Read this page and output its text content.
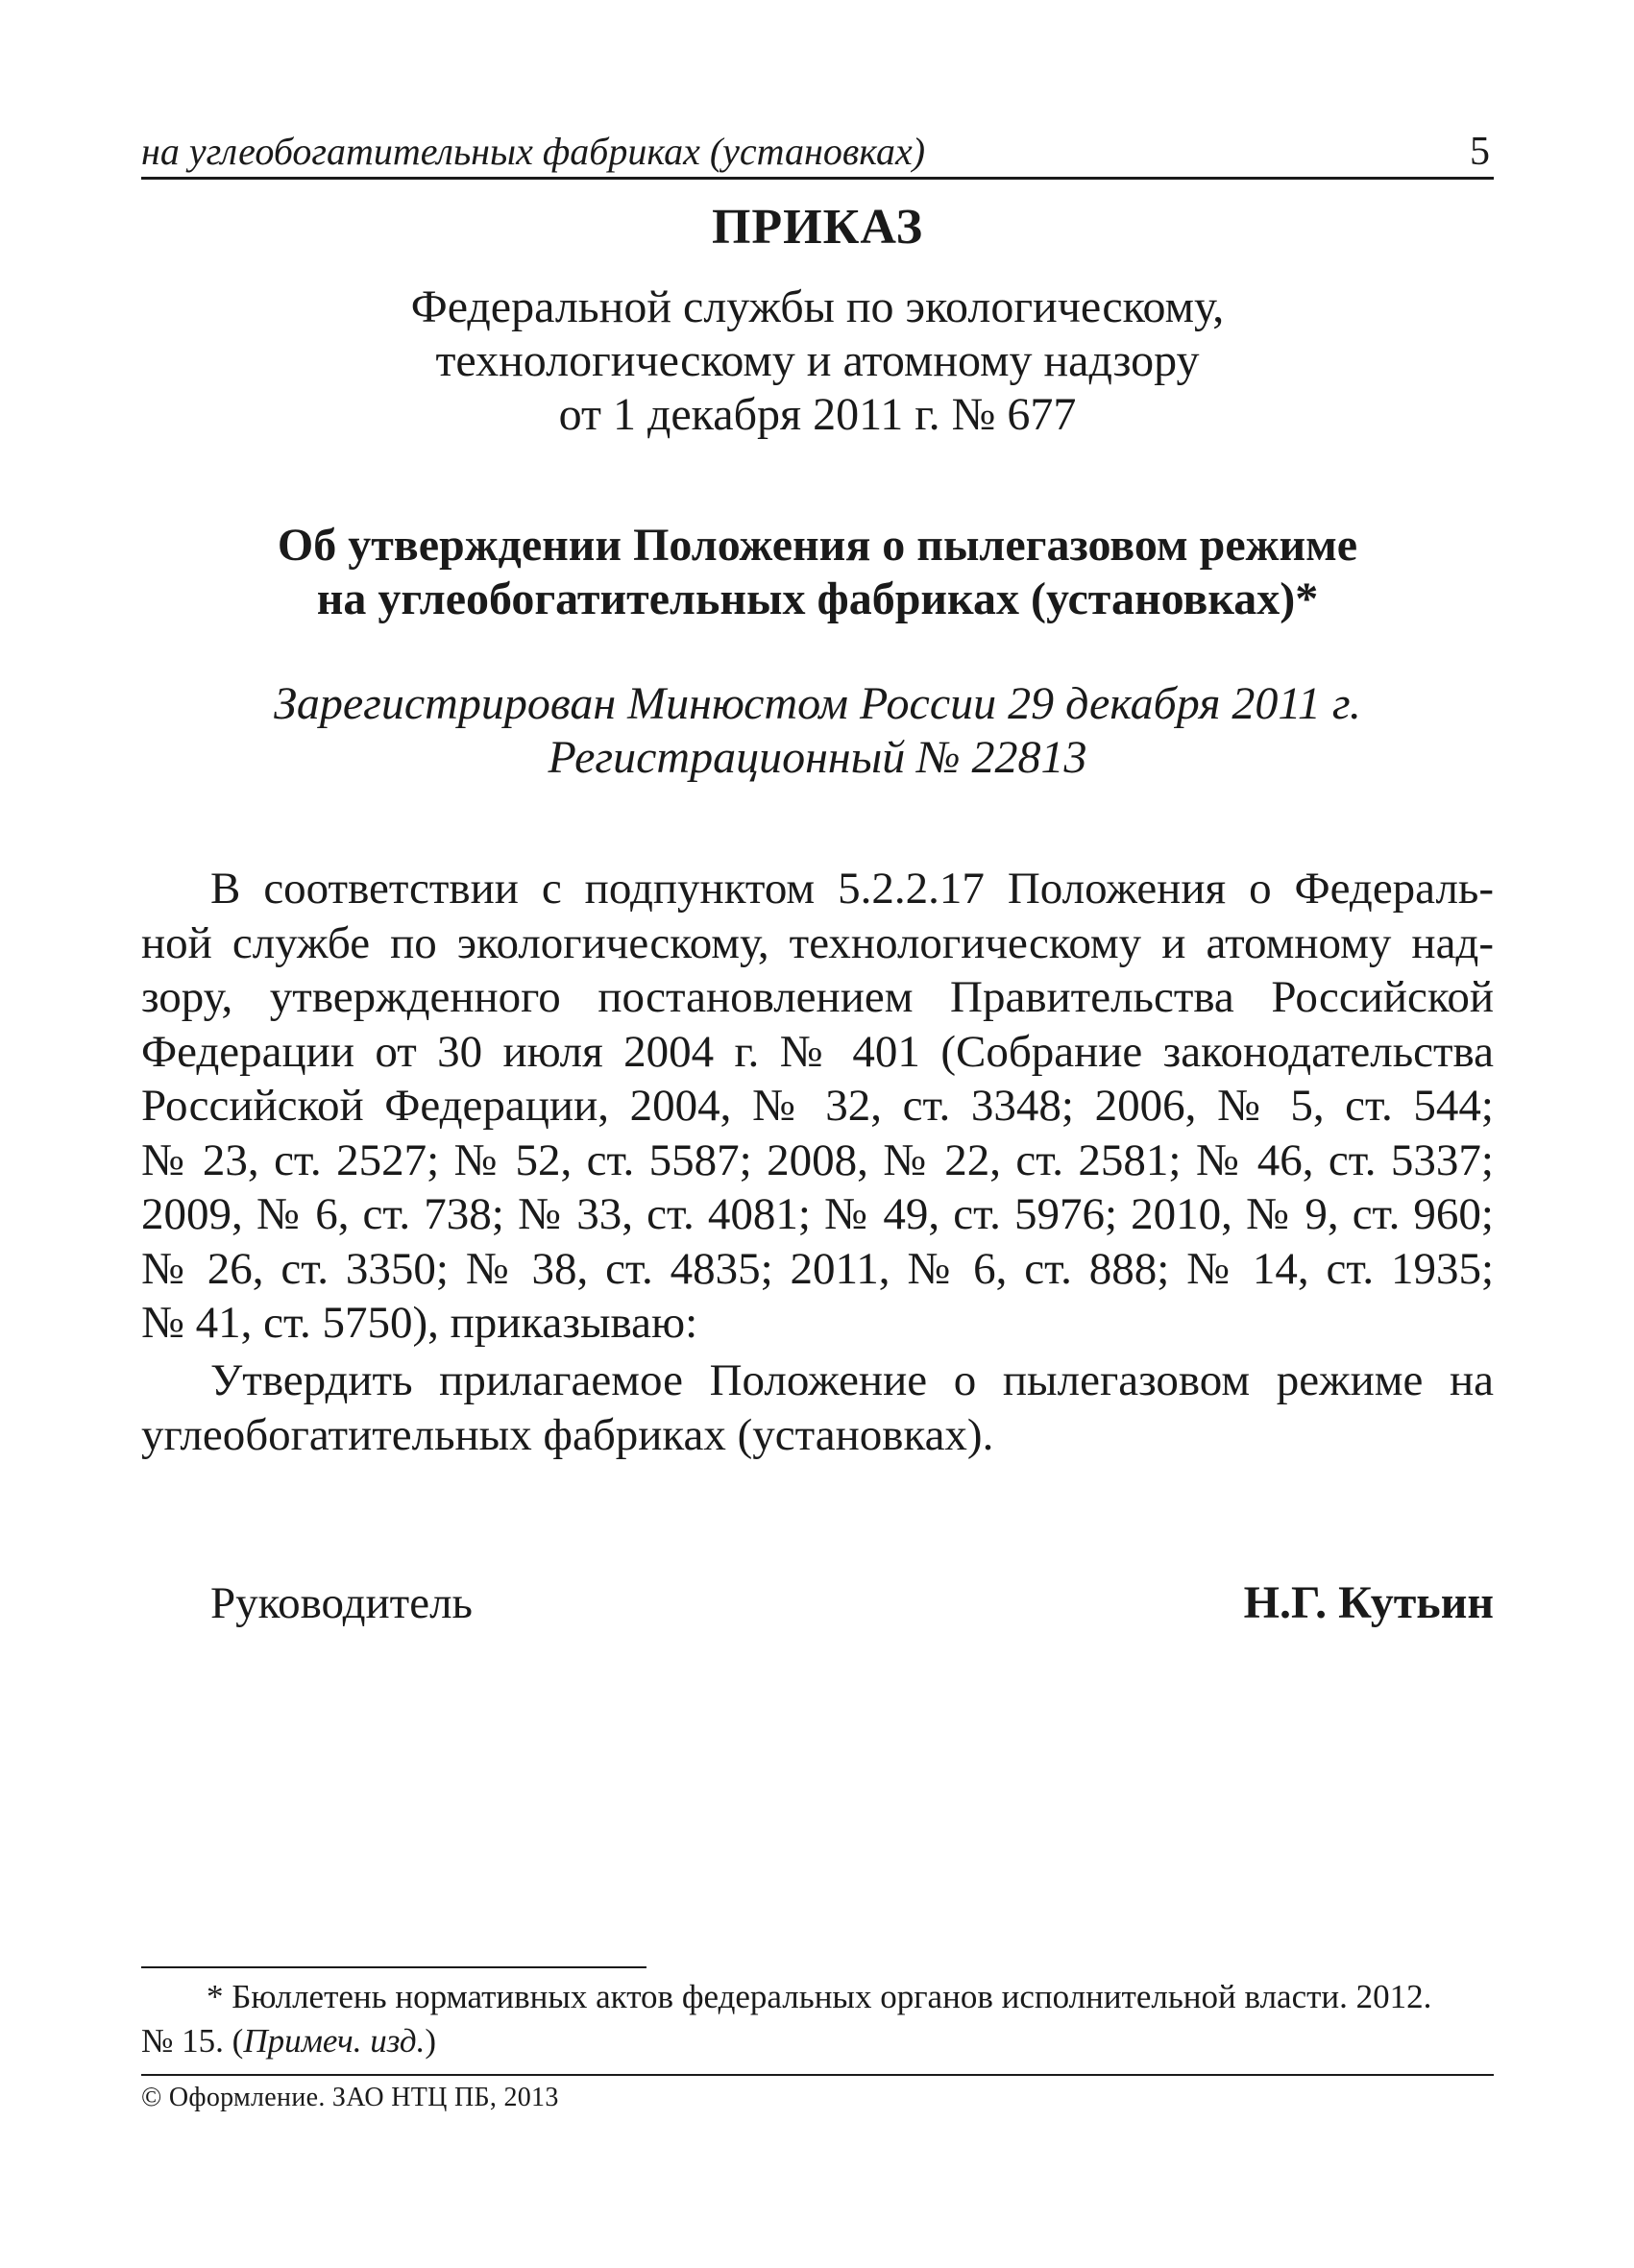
на углеобогатительных фабриках (установках)	5
ПРИКАЗ
Федеральной службы по экологическому,
технологическому и атомному надзору
от 1 декабря 2011 г. № 677
Об утверждении Положения о пылегазовом режиме
на углеобогатительных фабриках (установках)*
Зарегистрирован Минюстом России 29 декабря 2011 г.
Регистрационный № 22813
В соответствии с подпунктом 5.2.2.17 Положения о Федераль-
ной службе по экологическому, технологическому и атомному над-
зору, утвержденного постановлением Правительства Российской
Федерации от 30 июля 2004 г. № 401 (Собрание законодательства
Российской Федерации, 2004, № 32, ст. 3348; 2006, № 5, ст. 544;
№ 23, ст. 2527; № 52, ст. 5587; 2008, № 22, ст. 2581; № 46, ст. 5337;
2009, № 6, ст. 738; № 33, ст. 4081; № 49, ст. 5976; 2010, № 9, ст. 960;
№ 26, ст. 3350; № 38, ст. 4835; 2011, № 6, ст. 888; № 14, ст. 1935;
№ 41, ст. 5750), приказываю:
Утвердить прилагаемое Положение о пылегазовом режиме на
углеобогатительных фабриках (установках).
Руководитель	Н.Г. Кутьин
* Бюллетень нормативных актов федеральных органов исполнительной власти. 2012.
№ 15. (Примеч. изд.)
© Оформление. ЗАО НТЦ ПБ, 2013
